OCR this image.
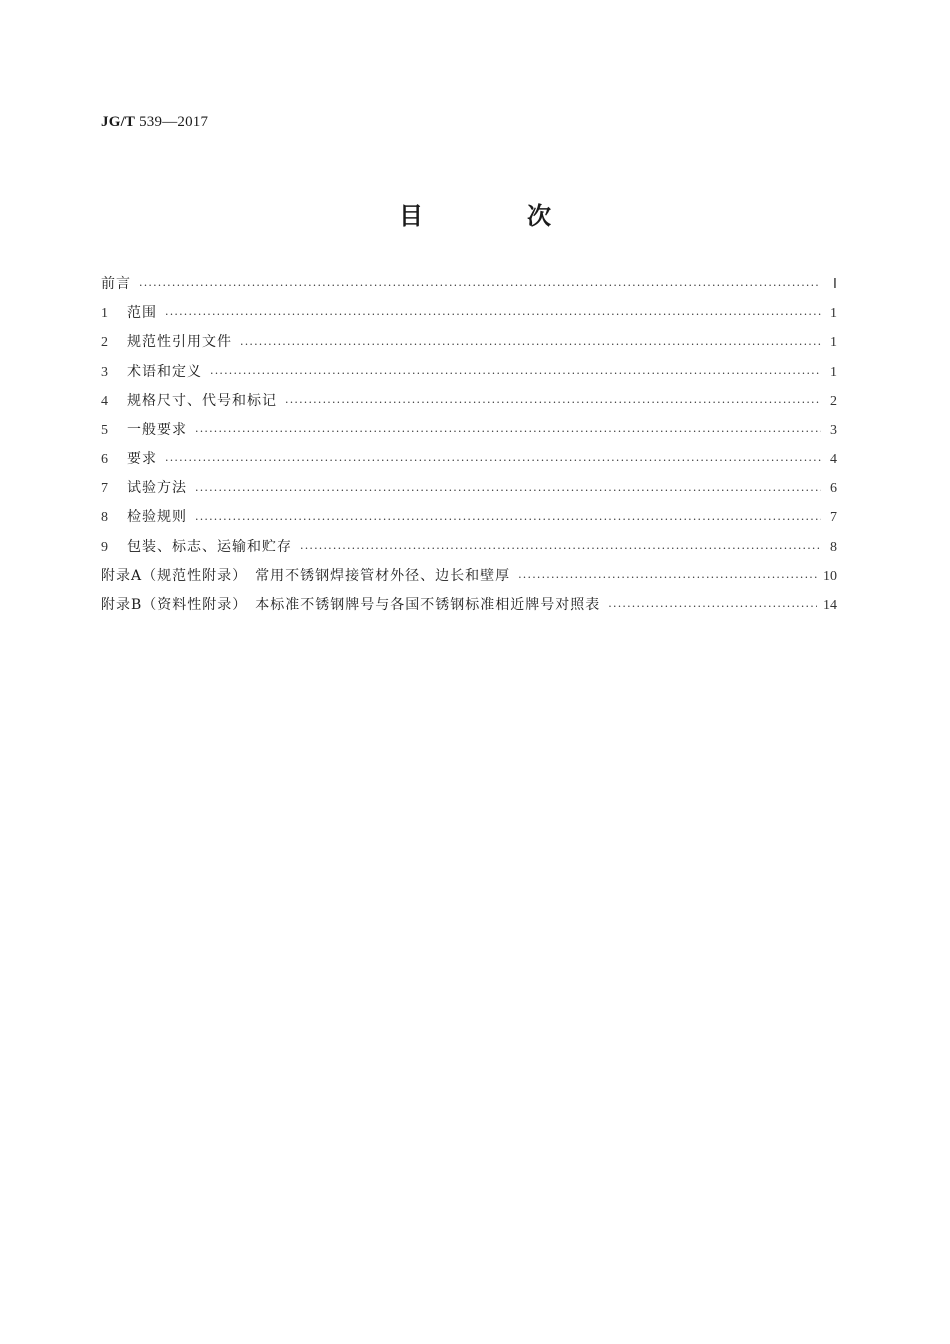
JG/T 539—2017
目　次
前言 ·····	Ⅰ
1	范围 ·····	1
2	规范性引用文件 ·····	1
3	术语和定义 ·····	1
4	规格尺寸、代号和标记 ·····	2
5	一般要求 ·····	3
6	要求 ·····	4
7	试验方法 ·····	6
8	检验规则 ·····	7
9	包装、标志、运输和贮存 ·····	8
附录A（规范性附录）　常用不锈钢焊接管材外径、边长和壁厚 ·····	10
附录B（资料性附录）　本标准不锈钢牌号与各国不锈钢标准相近牌号对照表 ·····	14
